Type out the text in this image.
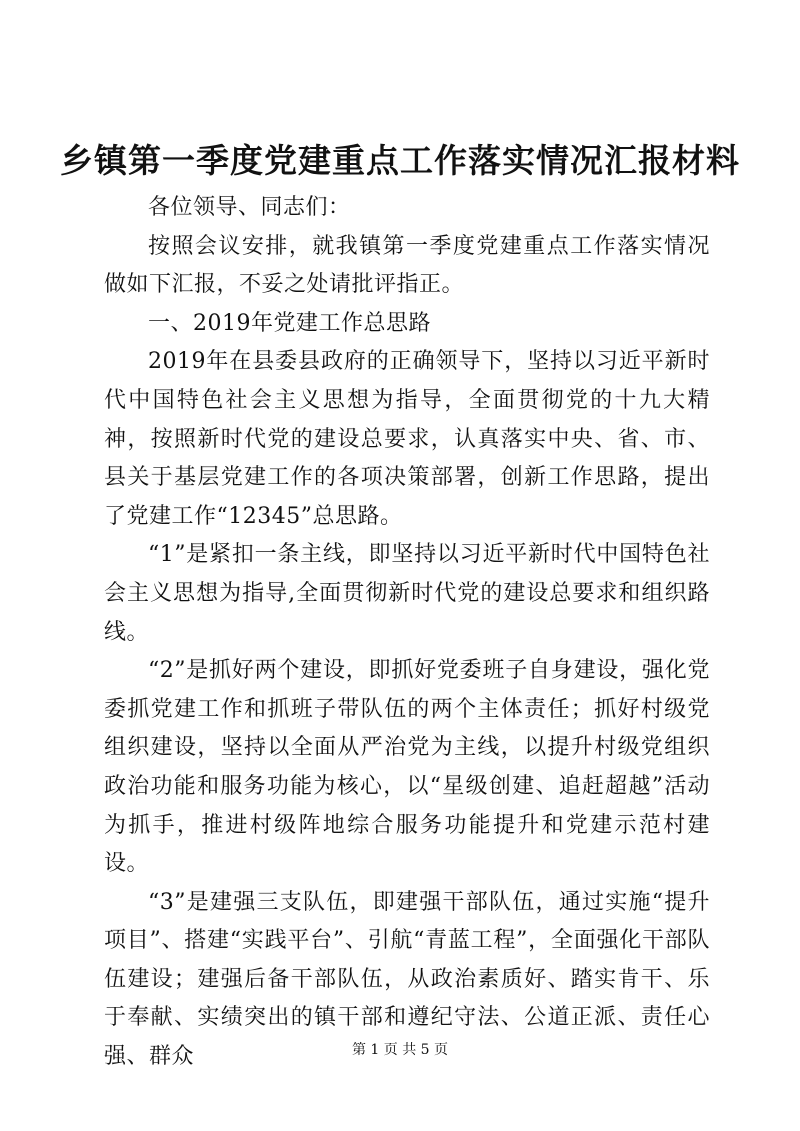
乡镇第一季度党建重点工作落实情况汇报材料

各位领导、同志们：

按照会议安排，就我镇第一季度党建重点工作落实情况做如下汇报，不妥之处请批评指正。

一、2019年党建工作总思路

2019年在县委县政府的正确领导下，坚持以习近平新时代中国特色社会主义思想为指导，全面贯彻党的十九大精神，按照新时代党的建设总要求，认真落实中央、省、市、县关于基层党建工作的各项决策部署，创新工作思路，提出了党建工作“12345”总思路。

“1”是紧扣一条主线，即坚持以习近平新时代中国特色社会主义思想为指导,全面贯彻新时代党的建设总要求和组织路线。

“2”是抓好两个建设，即抓好党委班子自身建设，强化党委抓党建工作和抓班子带队伍的两个主体责任；抓好村级党组织建设，坚持以全面从严治党为主线，以提升村级党组织政治功能和服务功能为核心，以“星级创建、追赶超越”活动为抓手，推进村级阵地综合服务功能提升和党建示范村建设。

“3”是建强三支队伍，即建强干部队伍，通过实施“提升项目”、搭建“实践平台”、引航“青蓝工程”，全面强化干部队伍建设；建强后备干部队伍，从政治素质好、踏实肯干、乐于奉献、实绩突出的镇干部和遵纪守法、公道正派、责任心强、群众	第 1 页 共 5 页
